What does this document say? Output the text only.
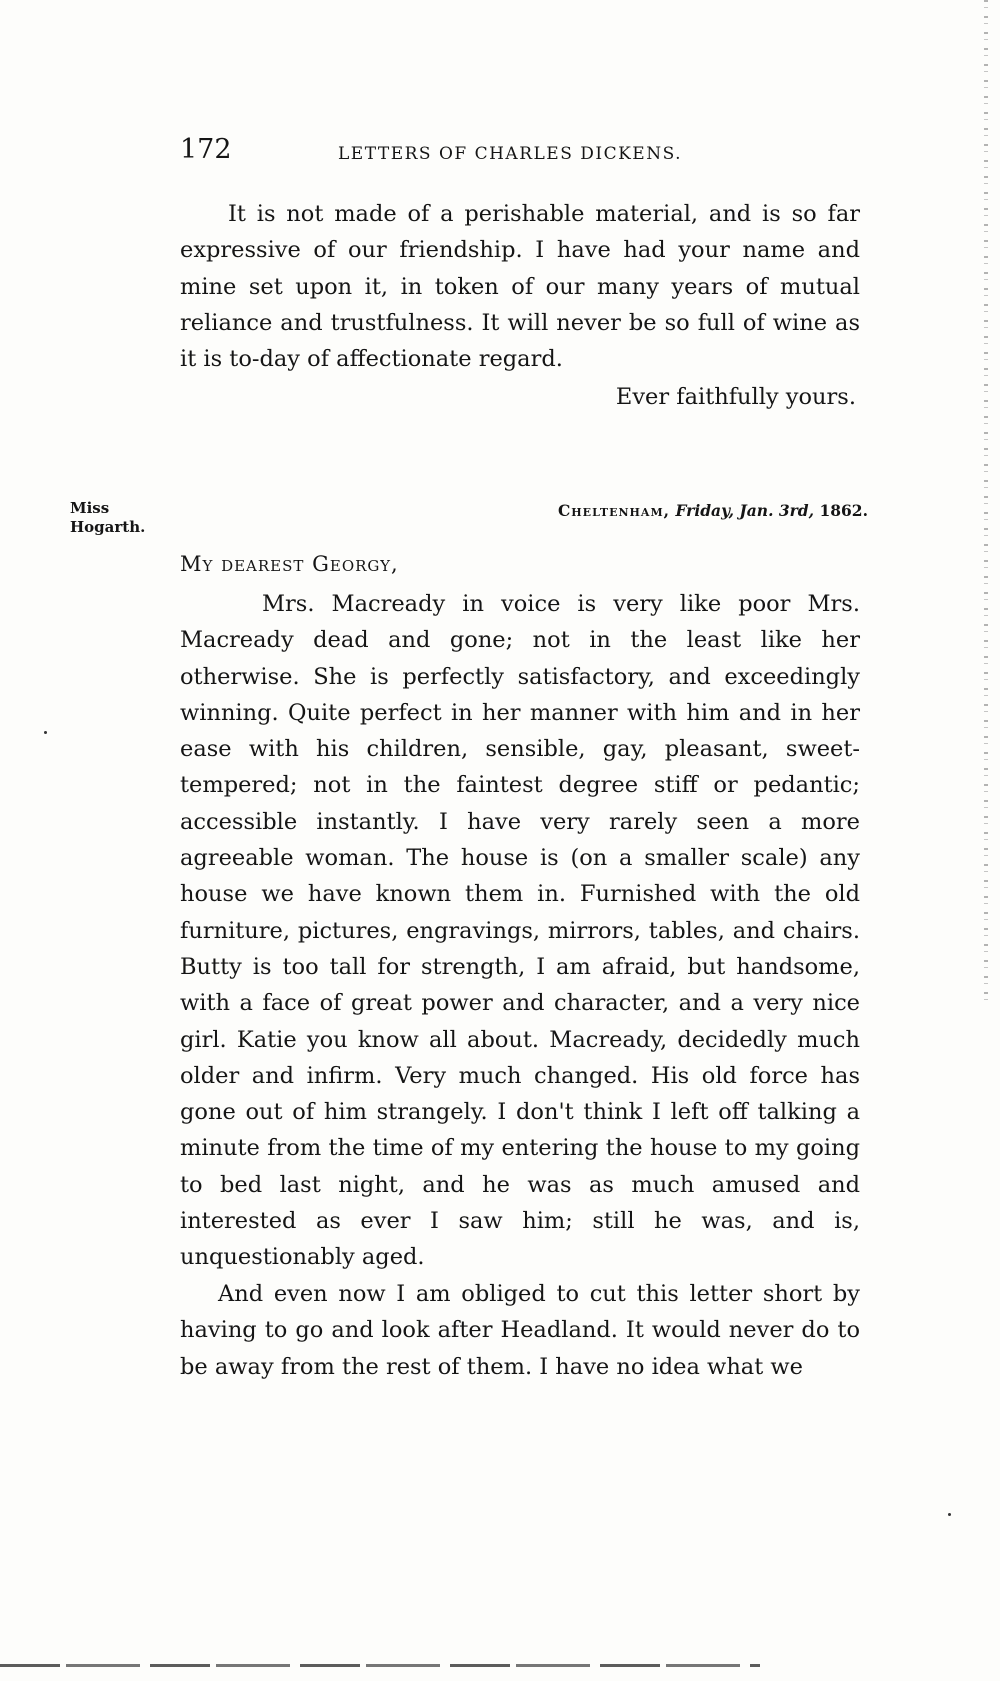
172	LETTERS OF CHARLES DICKENS.
It is not made of a perishable material, and is so far expressive of our friendship. I have had your name and mine set upon it, in token of our many years of mutual reliance and trustfulness. It will never be so full of wine as it is to-day of affectionate regard.
Ever faithfully yours.
Miss
Hogarth.
Cheltenham, Friday, Jan. 3rd, 1862.
My dearest Georgy,
Mrs. Macready in voice is very like poor Mrs. Macready dead and gone; not in the least like her otherwise. She is perfectly satisfactory, and exceedingly winning. Quite perfect in her manner with him and in her ease with his children, sensible, gay, pleasant, sweet-tempered; not in the faintest degree stiff or pedantic; accessible instantly. I have very rarely seen a more agreeable woman. The house is (on a smaller scale) any house we have known them in. Furnished with the old furniture, pictures, engravings, mirrors, tables, and chairs. Butty is too tall for strength, I am afraid, but handsome, with a face of great power and character, and a very nice girl. Katie you know all about. Macready, decidedly much older and infirm. Very much changed. His old force has gone out of him strangely. I don't think I left off talking a minute from the time of my entering the house to my going to bed last night, and he was as much amused and interested as ever I saw him; still he was, and is, unquestionably aged.
And even now I am obliged to cut this letter short by having to go and look after Headland. It would never do to be away from the rest of them. I have no idea what we
